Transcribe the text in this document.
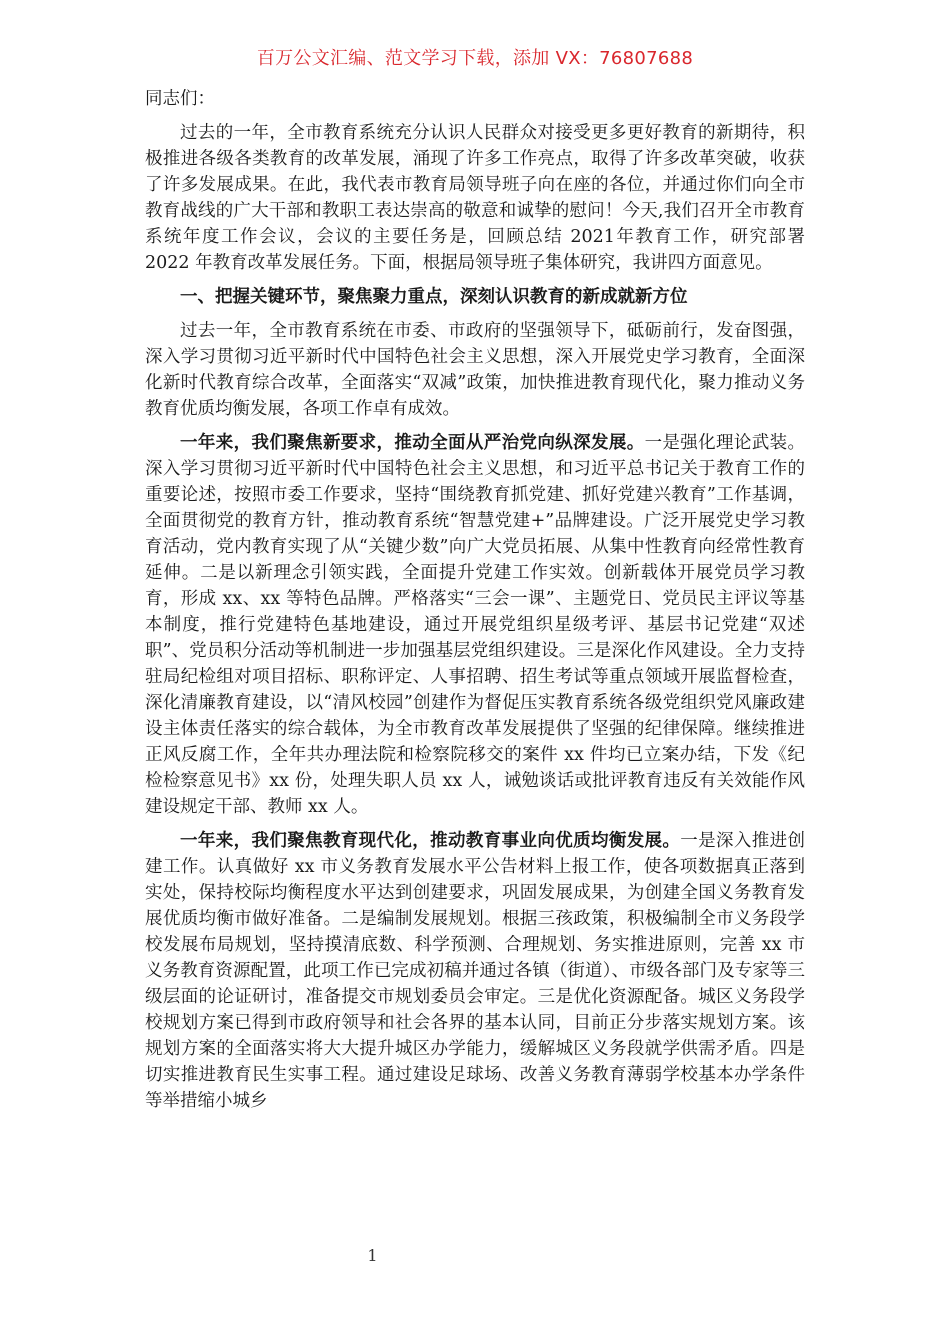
百万公文汇编、范文学习下载，添加 VX：76807688

同志们：

过去的一年，全市教育系统充分认识人民群众对接受更多更好教育的新期待，积极推进各级各类教育的改革发展，涌现了许多工作亮点，取得了许多改革突破，收获了许多发展成果。在此，我代表市教育局领导班子向在座的各位，并通过你们向全市教育战线的广大干部和教职工表达崇高的敬意和诚挚的慰问！今天,我们召开全市教育系统年度工作会议，会议的主要任务是，回顾总结 2021年教育工作，研究部署 2022 年教育改革发展任务。下面，根据局领导班子集体研究，我讲四方面意见。

一、把握关键环节，聚焦聚力重点，深刻认识教育的新成就新方位

过去一年，全市教育系统在市委、市政府的坚强领导下，砥砺前行，发奋图强，深入学习贯彻习近平新时代中国特色社会主义思想，深入开展党史学习教育，全面深化新时代教育综合改革，全面落实“双减”政策，加快推进教育现代化，聚力推动义务教育优质均衡发展，各项工作卓有成效。

一年来，我们聚焦新要求，推动全面从严治党向纵深发展。一是强化理论武装。深入学习贯彻习近平新时代中国特色社会主义思想，和习近平总书记关于教育工作的重要论述，按照市委工作要求，坚持“围绕教育抓党建、抓好党建兴教育”工作基调，全面贯彻党的教育方针，推动教育系统“智慧党建+”品牌建设。广泛开展党史学习教育活动，党内教育实现了从“关键少数”向广大党员拓展、从集中性教育向经常性教育延伸。二是以新理念引领实践，全面提升党建工作实效。创新载体开展党员学习教育，形成 xx、xx 等特色品牌。严格落实“三会一课”、主题党日、党员民主评议等基本制度，推行党建特色基地建设，通过开展党组织星级考评、基层书记党建“双述职”、党员积分活动等机制进一步加强基层党组织建设。三是深化作风建设。全力支持驻局纪检组对项目招标、职称评定、人事招聘、招生考试等重点领域开展监督检查，深化清廉教育建设，以“清风校园”创建作为督促压实教育系统各级党组织党风廉政建设主体责任落实的综合载体，为全市教育改革发展提供了坚强的纪律保障。继续推进正风反腐工作，全年共办理法院和检察院移交的案件 xx 件均已立案办结，下发《纪检检察意见书》xx 份，处理失职人员 xx 人，诫勉谈话或批评教育违反有关效能作风建设规定干部、教师 xx 人。

一年来，我们聚焦教育现代化，推动教育事业向优质均衡发展。一是深入推进创建工作。认真做好 xx 市义务教育发展水平公告材料上报工作，使各项数据真正落到实处，保持校际均衡程度水平达到创建要求，巩固发展成果，为创建全国义务教育发展优质均衡市做好准备。二是编制发展规划。根据三孩政策，积极编制全市义务段学校发展布局规划，坚持摸清底数、科学预测、合理规划、务实推进原则，完善 xx 市义务教育资源配置，此项工作已完成初稿并通过各镇（街道）、市级各部门及专家等三级层面的论证研讨，准备提交市规划委员会审定。三是优化资源配备。城区义务段学校规划方案已得到市政府领导和社会各界的基本认同，目前正分步落实规划方案。该规划方案的全面落实将大大提升城区办学能力，缓解城区义务段就学供需矛盾。四是切实推进教育民生实事工程。通过建设足球场、改善义务教育薄弱学校基本办学条件等举措缩小城乡

1
